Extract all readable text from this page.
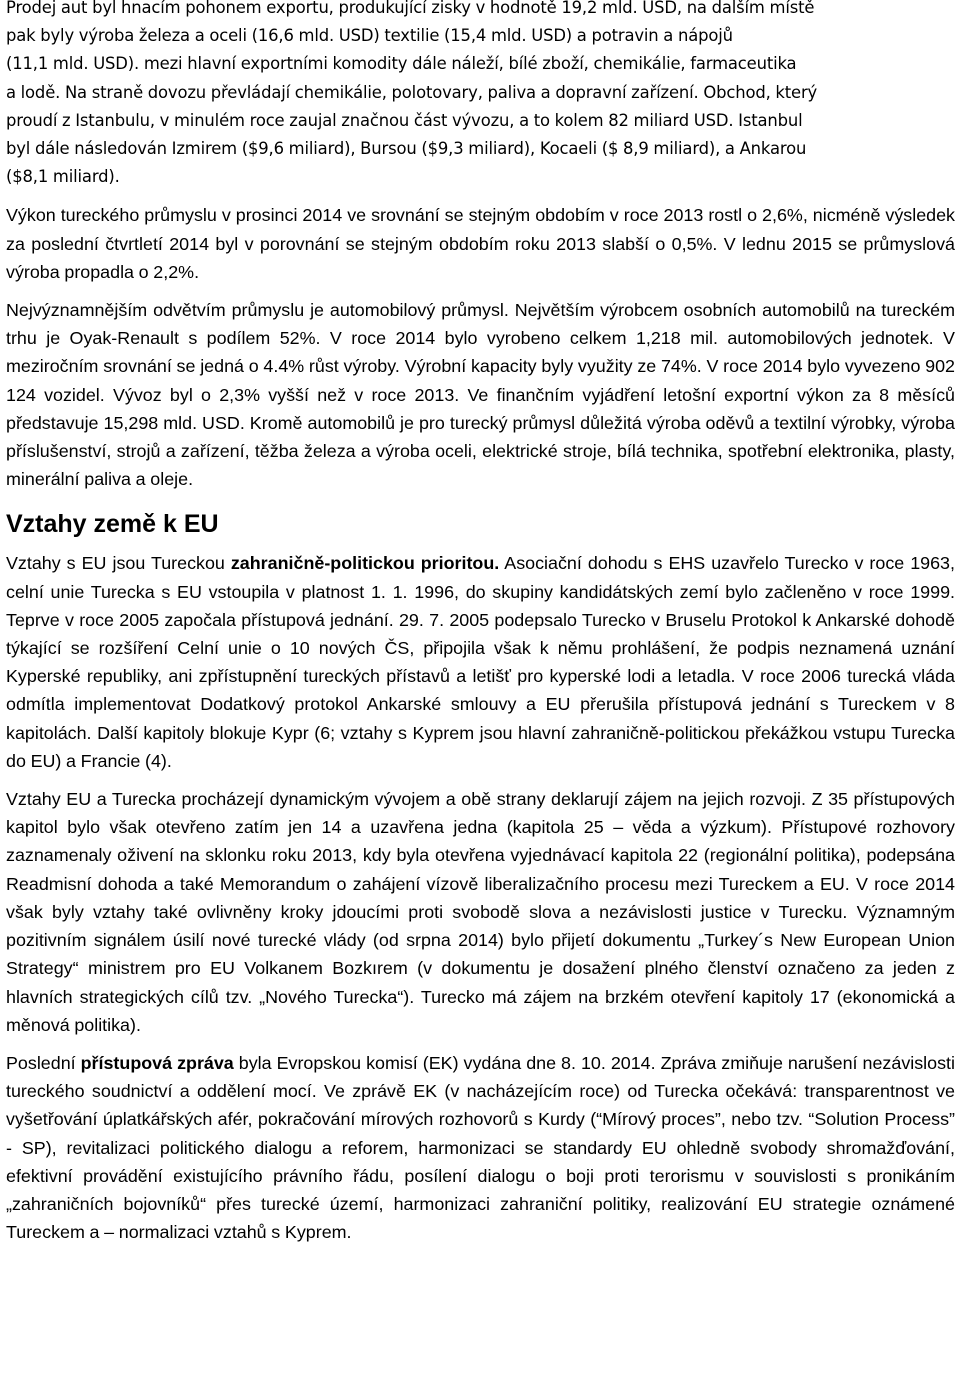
Prodej aut byl hnacím pohonem exportu, produkující zisky v hodnotě 19,2 mld. USD, na dalším místě
pak byly výroba železa a oceli (16,6 mld. USD) textilie (15,4 mld. USD) a potravin a nápojů
(11,1 mld. USD). mezi hlavní exportními komodity dále náleží, bílé zboží, chemikálie, farmaceutika
a lodě. Na straně dovozu převládají chemikálie, polotovary, paliva a dopravní zařízení. Obchod, který
proudí z Istanbulu, v minulém roce zaujal značnou část vývozu, a to kolem 82 miliard USD. Istanbul
byl dále následován Izmirem ($9,6 miliard), Bursou ($9,3 miliard), Kocaeli ($ 8,9 miliard), a Ankarou
($8,1 miliard).

Výkon tureckého průmyslu v prosinci 2014 ve srovnání se stejným obdobím v roce 2013 rostl o 2,6%, nicméně výsledek za poslední čtvrtletí 2014 byl v porovnání se stejným obdobím roku 2013 slabší o 0,5%. V lednu 2015 se průmyslová výroba propadla o 2,2%.

Nejvýznamnějším odvětvím průmyslu je automobilový průmysl. Největším výrobcem osobních automobilů na tureckém trhu je Oyak-Renault s podílem 52%. V roce 2014 bylo vyrobeno celkem 1,218 mil. automobilových jednotek. V meziročním srovnání se jedná o 4.4% růst výroby. Výrobní kapacity byly využity ze 74%. V roce 2014 bylo vyvezeno 902 124 vozidel. Vývoz byl o 2,3% vyšší než v roce 2013. Ve finančním vyjádření letošní exportní výkon za 8 měsíců představuje 15,298 mld. USD. Kromě automobilů je pro turecký průmysl důležitá výroba oděvů a textilní výrobky, výroba příslušenství, strojů a zařízení, těžba železa a výroba oceli, elektrické stroje, bílá technika, spotřební elektronika, plasty, minerální paliva a oleje.

Vztahy země k EU

Vztahy s EU jsou Tureckou zahraničně-politickou prioritou. Asociační dohodu s EHS uzavřelo Turecko v roce 1963, celní unie Turecka s EU vstoupila v platnost 1. 1. 1996, do skupiny kandidátských zemí bylo začleněno v roce 1999. Teprve v roce 2005 započala přístupová jednání. 29. 7. 2005 podepsalo Turecko v Bruselu Protokol k Ankarské dohodě týkající se rozšíření Celní unie o 10 nových ČS, připojila však k němu prohlášení, že podpis neznamená uznání Kyperské republiky, ani zpřístupnění tureckých přístavů a letišť pro kyperské lodi a letadla. V roce 2006 turecká vláda odmítla implementovat Dodatkový protokol Ankarské smlouvy a EU přerušila přístupová jednání s Tureckem v 8 kapitolách. Další kapitoly blokuje Kypr (6; vztahy s Kyprem jsou hlavní zahraničně-politickou překážkou vstupu Turecka do EU) a Francie (4).

Vztahy EU a Turecka procházejí dynamickým vývojem a obě strany deklarují zájem na jejich rozvoji. Z 35 přístupových kapitol bylo však otevřeno zatím jen 14 a uzavřena jedna (kapitola 25 – věda a výzkum). Přístupové rozhovory zaznamenaly oživení na sklonku roku 2013, kdy byla otevřena vyjednávací kapitola 22 (regionální politika), podepsána Readmisní dohoda a také Memorandum o zahájení vízově liberalizačního procesu mezi Tureckem a EU. V roce 2014 však byly vztahy také ovlivněny kroky jdoucími proti svobodě slova a nezávislosti justice v Turecku. Významným pozitivním signálem úsilí nové turecké vlády (od srpna 2014) bylo přijetí dokumentu „Turkey´s New European Union Strategy“ ministrem pro EU Volkanem Bozkırem (v dokumentu je dosažení plného členství označeno za jeden z hlavních strategických cílů tzv. „Nového Turecka“). Turecko má zájem na brzkém otevření kapitoly 17 (ekonomická a měnová politika).

Poslední přístupová zpráva byla Evropskou komisí (EK) vydána dne 8. 10. 2014. Zpráva zmiňuje narušení nezávislosti tureckého soudnictví a oddělení mocí. Ve zprávě EK (v nacházejícím roce) od Turecka očekává: transparentnost ve vyšetřování úplatkářských afér, pokračování mírových rozhovorů s Kurdy (“Mírový proces”, nebo tzv. “Solution Process” - SP), revitalizaci politického dialogu a reforem, harmonizaci se standardy EU ohledně svobody shromažďování, efektivní provádění existujícího právního řádu, posílení dialogu o boji proti terorismu v souvislosti s pronikáním „zahraničních bojovníků“ přes turecké území, harmonizaci zahraniční politiky, realizování EU strategie oznámené Tureckem a – normalizaci vztahů s Kyprem.
